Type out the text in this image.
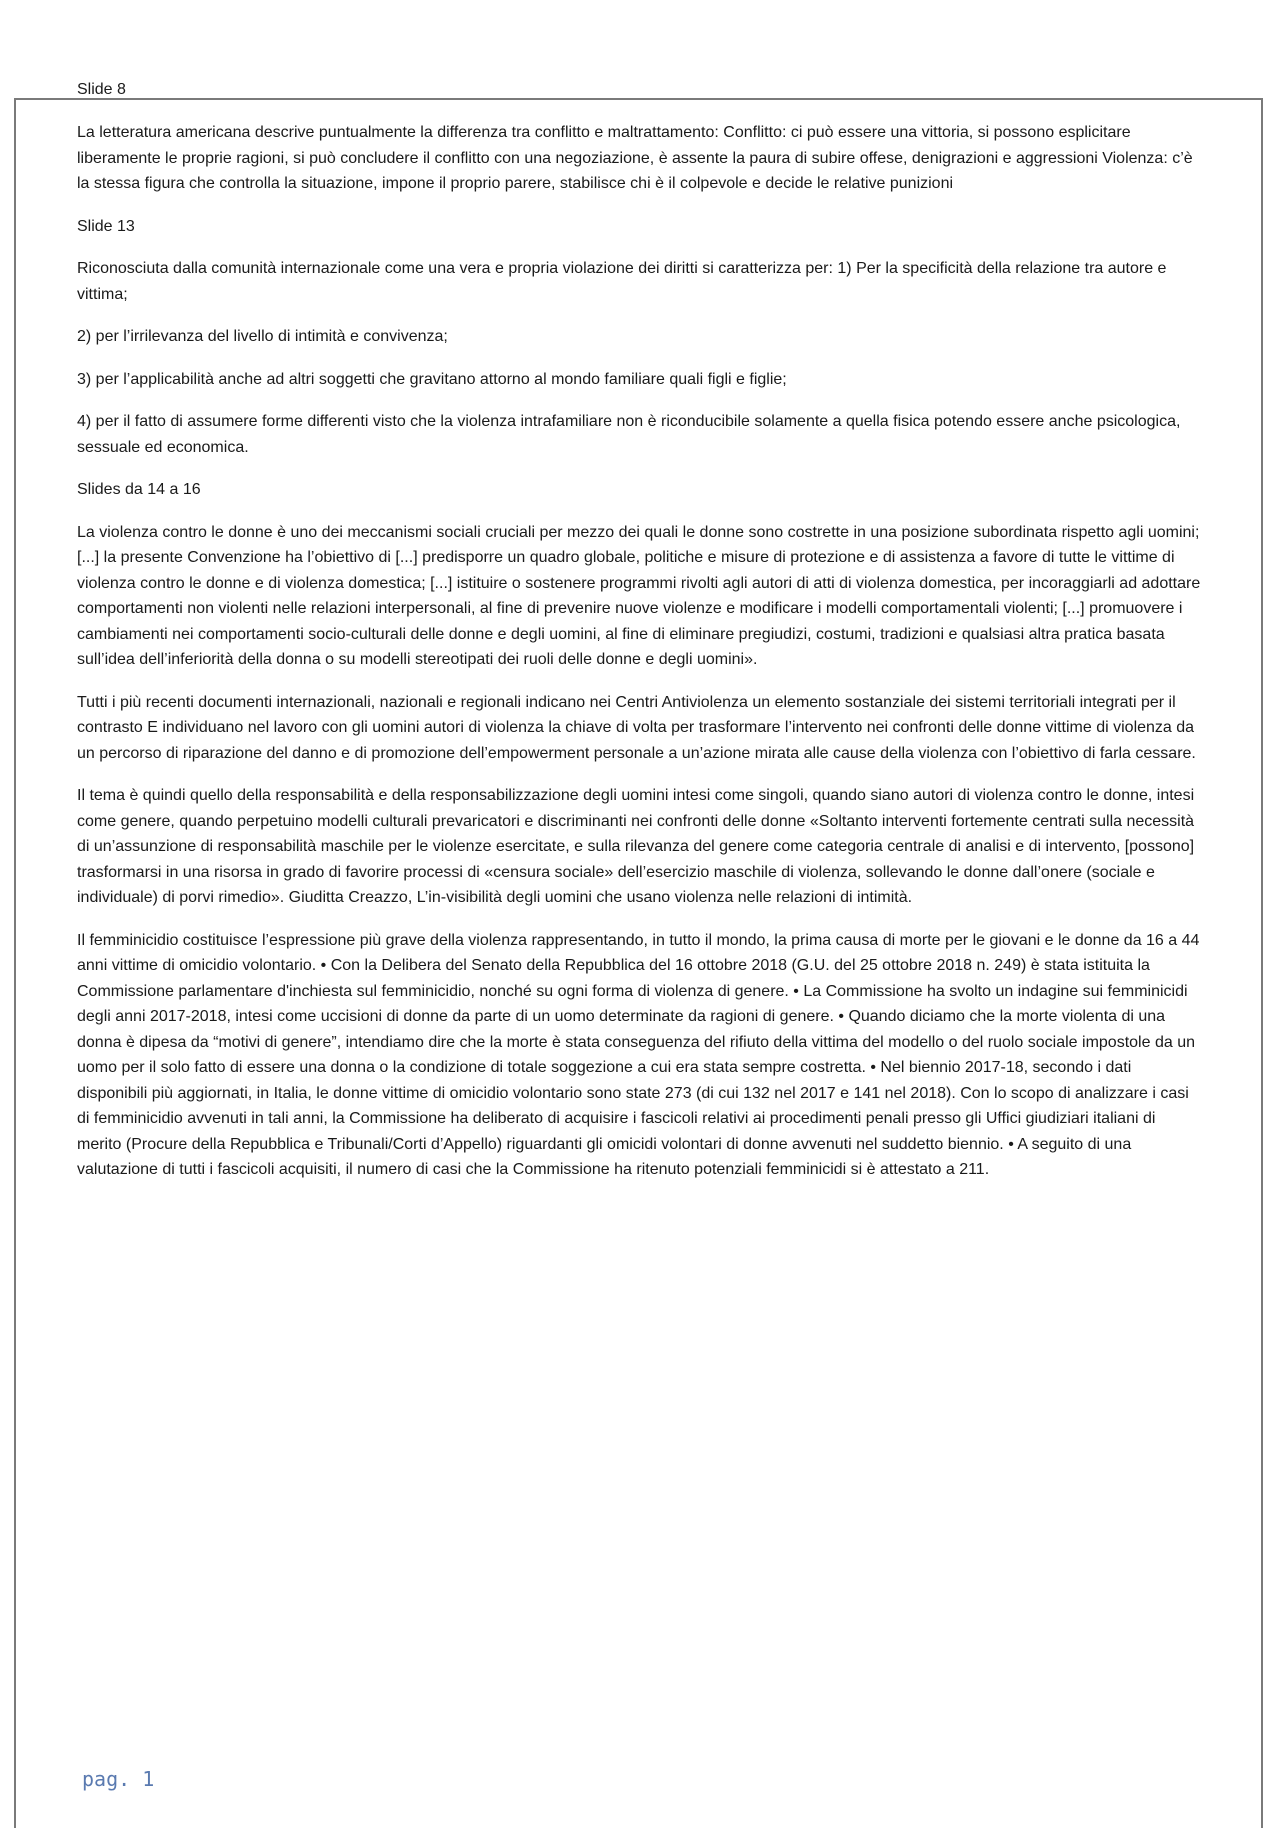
Slide 8

La letteratura americana descrive puntualmente la differenza tra conflitto e maltrattamento: Conflitto: ci può essere una vittoria, si possono esplicitare liberamente le proprie ragioni, si può concludere il conflitto con una negoziazione, è assente la paura di subire offese, denigrazioni e aggressioni Violenza: c’è la stessa figura che controlla la situazione, impone il proprio parere, stabilisce chi è il colpevole e decide le relative punizioni

Slide 13

Riconosciuta dalla comunità internazionale come una vera e propria violazione dei diritti si caratterizza per: 1) Per la specificità della relazione tra autore e vittima;

2) per l’irrilevanza del livello di intimità e convivenza;

3) per l’applicabilità anche ad altri soggetti che gravitano attorno al mondo familiare quali figli e figlie;

4) per il fatto di assumere forme differenti visto che la violenza intrafamiliare non è riconducibile solamente a quella fisica potendo essere anche psicologica, sessuale ed economica.

Slides da 14 a 16

La violenza contro le donne è uno dei meccanismi sociali cruciali per mezzo dei quali le donne sono costrette in una posizione subordinata rispetto agli uomini; [...] la presente Convenzione ha l’obiettivo di [...] predisporre un quadro globale, politiche e misure di protezione e di assistenza a favore di tutte le vittime di violenza contro le donne e di violenza domestica; [...] istituire o sostenere programmi rivolti agli autori di atti di violenza domestica, per incoraggiarli ad adottare comportamenti non violenti nelle relazioni interpersonali, al fine di prevenire nuove violenze e modificare i modelli comportamentali violenti; [...] promuovere i cambiamenti nei comportamenti socio-culturali delle donne e degli uomini, al fine di eliminare pregiudizi, costumi, tradizioni e qualsiasi altra pratica basata sull’idea dell’inferiorità della donna o su modelli stereotipati dei ruoli delle donne e degli uomini».

Tutti i più recenti documenti internazionali, nazionali e regionali indicano nei Centri Antiviolenza un elemento sostanziale dei sistemi territoriali integrati per il contrasto E individuano nel lavoro con gli uomini autori di violenza la chiave di volta per trasformare l’intervento nei confronti delle donne vittime di violenza da un percorso di riparazione del danno e di promozione dell’empowerment personale a un’azione mirata alle cause della violenza con l’obiettivo di farla cessare.

Il tema è quindi quello della responsabilità e della responsabilizzazione degli uomini intesi come singoli, quando siano autori di violenza contro le donne, intesi come genere, quando perpetuino modelli culturali prevaricatori e discriminanti nei confronti delle donne «Soltanto interventi fortemente centrati sulla necessità di un’assunzione di responsabilità maschile per le violenze esercitate, e sulla rilevanza del genere come categoria centrale di analisi e di intervento, [possono] trasformarsi in una risorsa in grado di favorire processi di «censura sociale» dell’esercizio maschile di violenza, sollevando le donne dall’onere (sociale e individuale) di porvi rimedio». Giuditta Creazzo, L’in-visibilità degli uomini che usano violenza nelle relazioni di intimità.

Il femminicidio costituisce l’espressione più grave della violenza rappresentando, in tutto il mondo, la prima causa di morte per le giovani e le donne da 16 a 44 anni vittime di omicidio volontario. • Con la Delibera del Senato della Repubblica del 16 ottobre 2018 (G.U. del 25 ottobre 2018 n. 249) è stata istituita la Commissione parlamentare d'inchiesta sul femminicidio, nonché su ogni forma di violenza di genere. • La Commissione ha svolto un indagine sui femminicidi degli anni 2017-2018, intesi come uccisioni di donne da parte di un uomo determinate da ragioni di genere. • Quando diciamo che la morte violenta di una donna è dipesa da “motivi di genere”, intendiamo dire che la morte è stata conseguenza del rifiuto della vittima del modello o del ruolo sociale impostole da un uomo per il solo fatto di essere una donna o la condizione di totale soggezione a cui era stata sempre costretta. • Nel biennio 2017-18, secondo i dati disponibili più aggiornati, in Italia, le donne vittime di omicidio volontario sono state 273 (di cui 132 nel 2017 e 141 nel 2018). Con lo scopo di analizzare i casi di femminicidio avvenuti in tali anni, la Commissione ha deliberato di acquisire i fascicoli relativi ai procedimenti penali presso gli Uffici giudiziari italiani di merito (Procure della Repubblica e Tribunali/Corti d’Appello) riguardanti gli omicidi volontari di donne avvenuti nel suddetto biennio. • A seguito di una valutazione di tutti i fascicoli acquisiti, il numero di casi che la Commissione ha ritenuto potenziali femminicidi si è attestato a 211.

pag. 1
